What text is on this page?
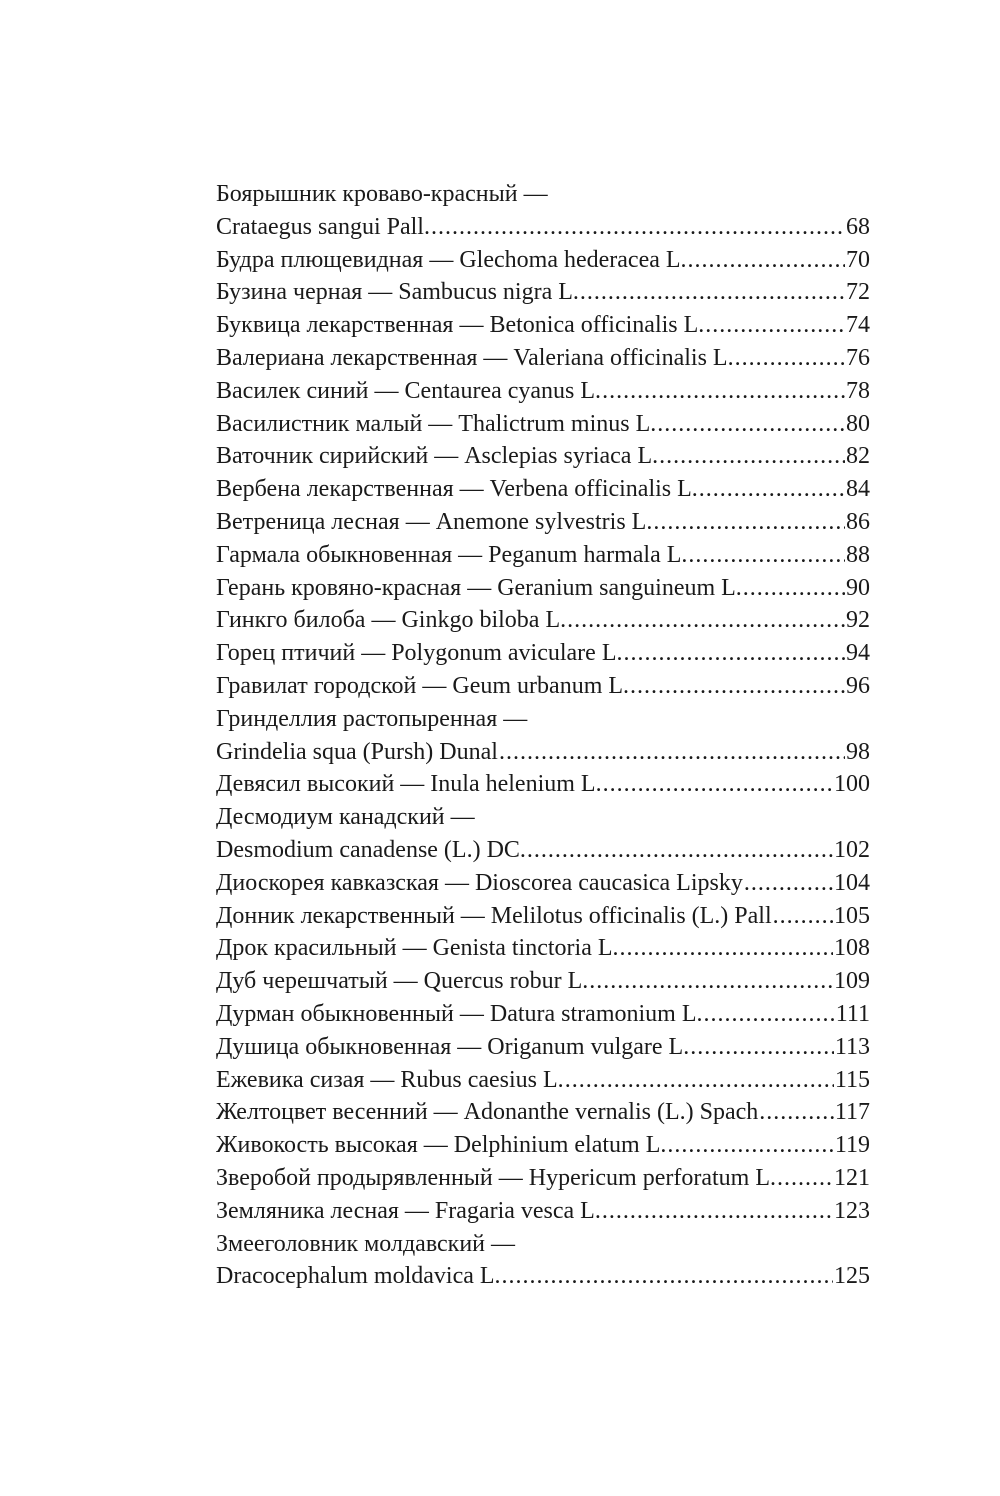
Боярышник кроваво-красный —
Crataegus sangui Pall. .....	68
Будра плющевидная — Glechoma hederacea L. .....	70
Бузина черная — Sambucus nigra L. .....	72
Буквица лекарственная — Betonica officinalis L. .....	74
Валериана лекарственная — Valeriana officinalis L. .....	76
Василек синий — Centaurea cyanus L. .....	78
Василистник малый — Thalictrum minus L. .....	80
Ваточник сирийский — Asclepias syriaca L. .....	82
Вербена лекарственная — Verbena officinalis L. .....	84
Ветреница лесная — Anemone sylvestris L. .....	86
Гармала обыкновенная — Peganum harmala L. .....	88
Герань кровяно-красная — Geranium sanguineum L. .....	90
Гинкго билоба — Ginkgo biloba L. .....	92
Горец птичий — Polygonum aviculare L. .....	94
Гравилат городской — Geum urbanum L. .....	96
Гринделлия растопыренная —
Grindelia squa (Pursh) Dunal .....	98
Девясил высокий — Inula helenium L. .....	100
Десмодиум канадский —
Desmodium canadense (L.) DC. .....	102
Диоскорея кавказская — Dioscorea caucasica Lipsky .....	104
Донник лекарственный — Melilotus officinalis (L.) Pall .....	105
Дрок красильный — Genista tinctoria L. .....	108
Дуб черешчатый — Quercus robur L. .....	109
Дурман обыкновенный — Datura stramonium L. .....	111
Душица обыкновенная — Origanum vulgare L. .....	113
Ежевика сизая — Rubus caesius L. .....	115
Желтоцвет весенний — Adonanthe vernalis (L.) Spach .....	117
Живокость высокая — Delphinium elatum L. .....	119
Зверобой продырявленный — Hypericum perforatum L. ..... 121
Земляника лесная — Fragaria vesca L. .....	123
Змееголовник молдавский —
Dracocephalum moldavica L. .....	125
